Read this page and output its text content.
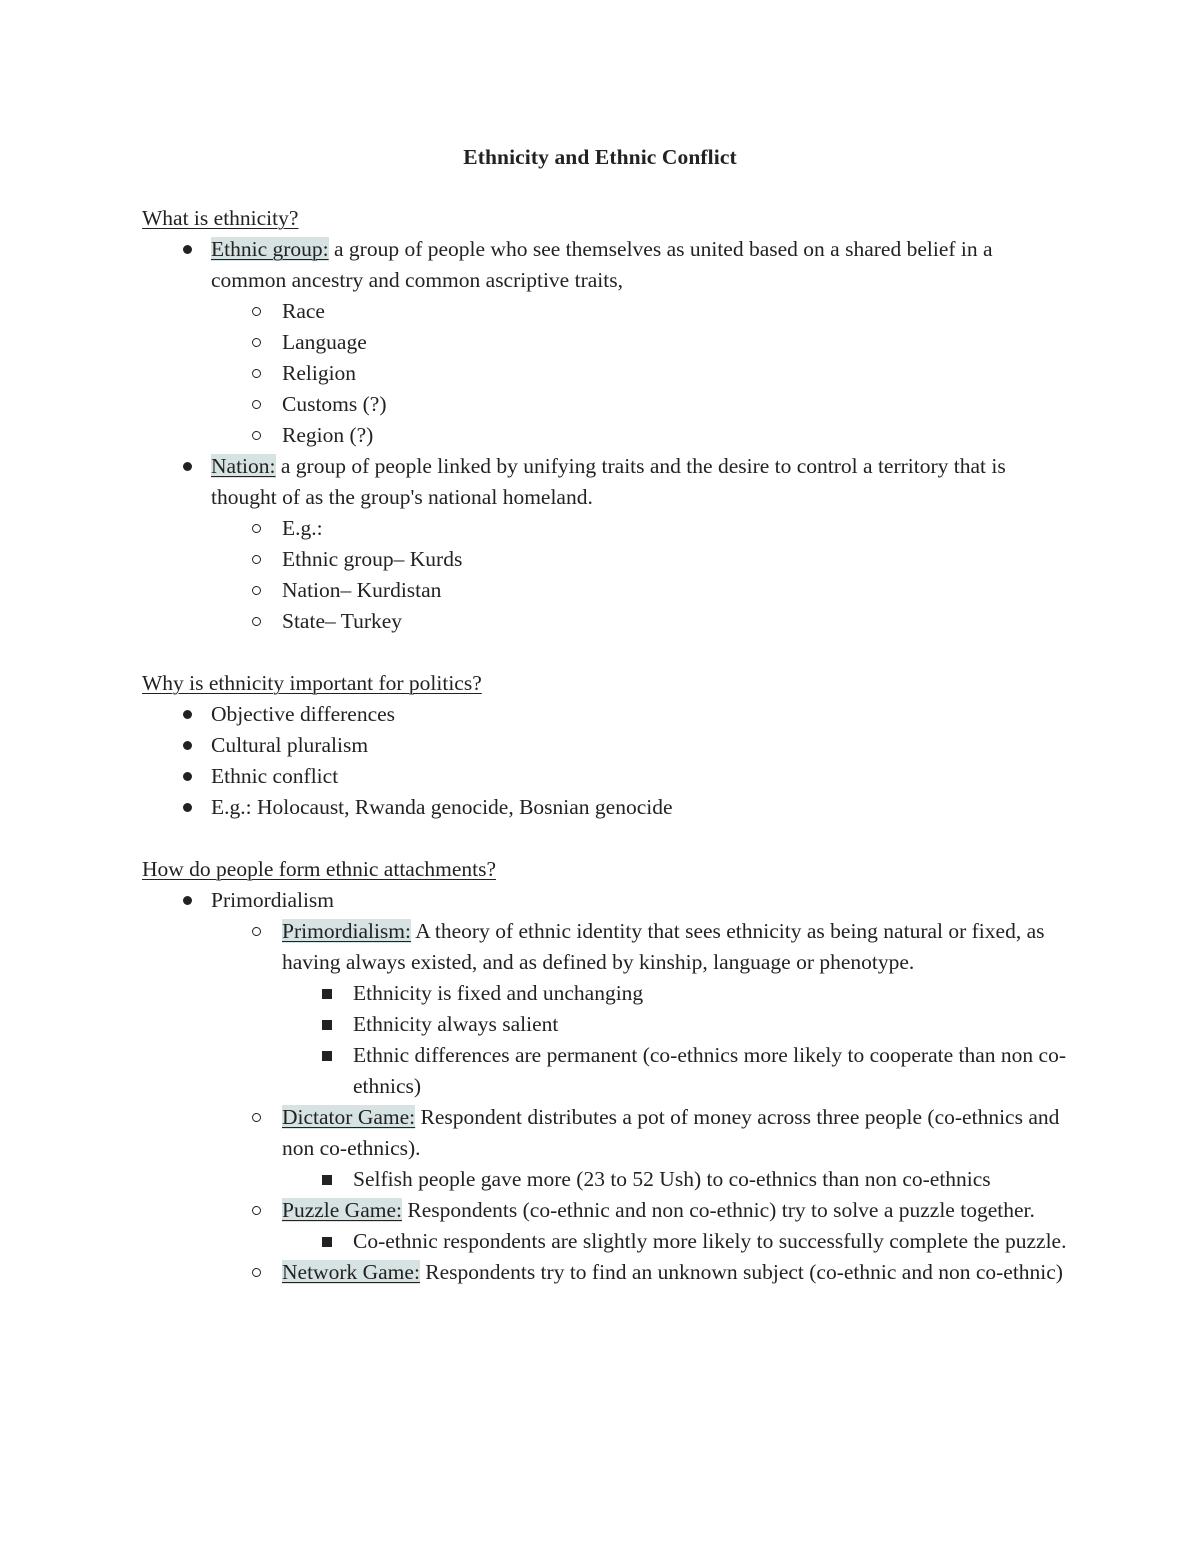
Ethnicity and Ethnic Conflict
What is ethnicity?
Ethnic group: a group of people who see themselves as united based on a shared belief in a common ancestry and common ascriptive traits,
Race
Language
Religion
Customs (?)
Region (?)
Nation: a group of people linked by unifying traits and the desire to control a territory that is thought of as the group's national homeland.
E.g.:
Ethnic group– Kurds
Nation– Kurdistan
State– Turkey
Why is ethnicity important for politics?
Objective differences
Cultural pluralism
Ethnic conflict
E.g.: Holocaust, Rwanda genocide, Bosnian genocide
How do people form ethnic attachments?
Primordialism
Primordialism: A theory of ethnic identity that sees ethnicity as being natural or fixed, as having always existed, and as defined by kinship, language or phenotype.
Ethnicity is fixed and unchanging
Ethnicity always salient
Ethnic differences are permanent (co-ethnics more likely to cooperate than non co-ethnics)
Dictator Game: Respondent distributes a pot of money across three people (co-ethnics and non co-ethnics).
Selfish people gave more (23 to 52 Ush) to co-ethnics than non co-ethnics
Puzzle Game: Respondents (co-ethnic and non co-ethnic) try to solve a puzzle together.
Co-ethnic respondents are slightly more likely to successfully complete the puzzle.
Network Game: Respondents try to find an unknown subject (co-ethnic and non co-ethnic)
